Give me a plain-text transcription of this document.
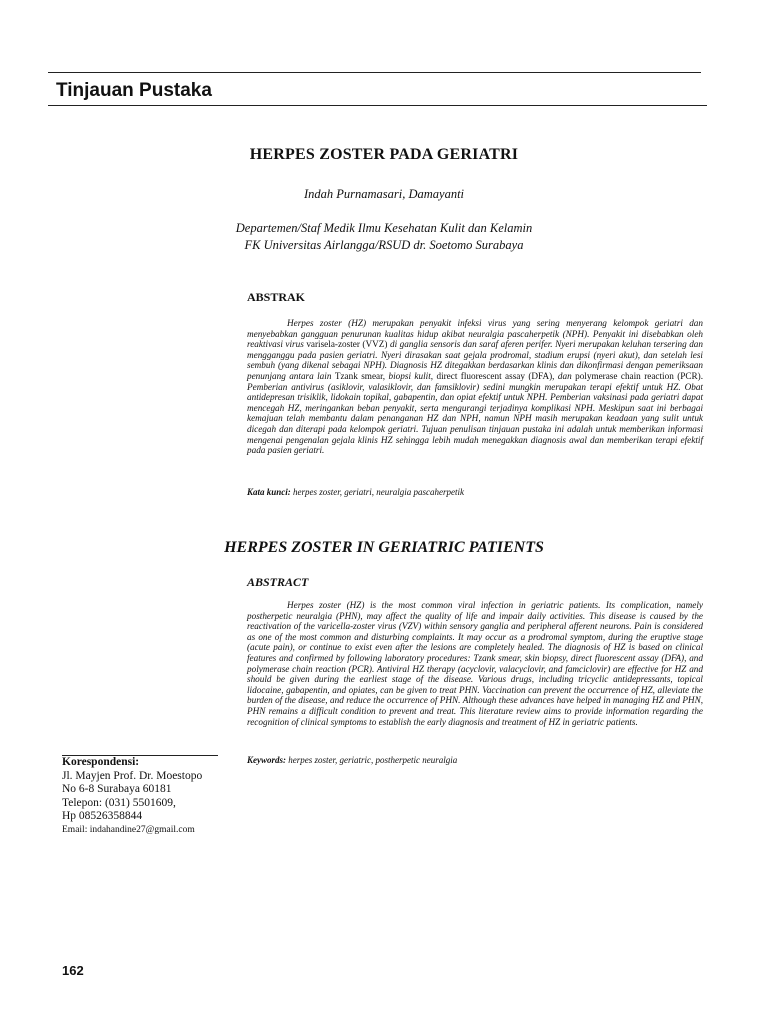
Tinjauan Pustaka
HERPES ZOSTER PADA GERIATRI
Indah Purnamasari, Damayanti
Departemen/Staf Medik Ilmu Kesehatan Kulit dan Kelamin
FK Universitas Airlangga/RSUD dr. Soetomo Surabaya
ABSTRAK

Herpes zoster (HZ) merupakan penyakit infeksi virus yang sering menyerang kelompok geriatri dan menyebabkan gangguan penurunan kualitas hidup akibat neuralgia pascaherpetik (NPH). Penyakit ini disebabkan oleh reaktivasi virus varisela-zoster (VVZ) di ganglia sensoris dan saraf aferen perifer. Nyeri merupakan keluhan tersering dan mengganggu pada pasien geriatri. Nyeri dirasakan saat gejala prodromal, stadium erupsi (nyeri akut), dan setelah lesi sembuh (yang dikenal sebagai NPH). Diagnosis HZ ditegakkan berdasarkan klinis dan dikonfirmasi dengan pemeriksaan penunjang antara lain Tzank smear, biopsi kulit, direct fluorescent assay (DFA), dan polymerase chain reaction (PCR). Pemberian antivirus (asiklovir, valasiklovir, dan famsiklovir) sedini mungkin merupakan terapi efektif untuk HZ. Obat antidepresan trisiklik, lidokain topikal, gabapentin, dan opiat efektif untuk NPH. Pemberian vaksinasi pada geriatri dapat mencegah HZ, meringankan beban penyakit, serta mengurangi terjadinya komplikasi NPH. Meskipun saat ini berbagai kemajuan telah membantu dalam penanganan HZ dan NPH, namun NPH masih merupakan keadaan yang sulit untuk dicegah dan diterapi pada kelompok geriatri. Tujuan penulisan tinjauan pustaka ini adalah untuk memberikan informasi mengenai pengenalan gejala klinis HZ sehingga lebih mudah menegakkan diagnosis awal dan memberikan terapi efektif pada pasien geriatri.

Kata kunci: herpes zoster, geriatri, neuralgia pascaherpetik
HERPES ZOSTER IN GERIATRIC PATIENTS
ABSTRACT

Herpes zoster (HZ) is the most common viral infection in geriatric patients. Its complication, namely postherpetic neuralgia (PHN), may affect the quality of life and impair daily activities. This disease is caused by the reactivation of the varicella-zoster virus (VZV) within sensory ganglia and peripheral afferent neurons. Pain is considered as one of the most common and disturbing complaints. It may occur as a prodromal symptom, during the eruptive stage (acute pain), or continue to exist even after the lesions are completely healed. The diagnosis of HZ is based on clinical features and confirmed by following laboratory procedures: Tzank smear, skin biopsy, direct fluorescent assay (DFA), and polymerase chain reaction (PCR). Antiviral HZ therapy (acyclovir, valacyclovir, and famciclovir) are effective for HZ and should be given during the earliest stage of the disease. Various drugs, including tricyclic antidepressants, topical lidocaine, gabapentin, and opiates, can be given to treat PHN. Vaccination can prevent the occurrence of HZ, alleviate the burden of the disease, and reduce the occurrence of PHN. Although these advances have helped in managing HZ and PHN, PHN remains a difficult condition to prevent and treat. This literature review aims to provide information regarding the recognition of clinical symptoms to establish the early diagnosis and treatment of HZ in geriatric patients.

Keywords: herpes zoster, geriatric, postherpetic neuralgia
Korespondensi:
Jl. Mayjen Prof. Dr. Moestopo
No 6-8 Surabaya 60181
Telepon: (031) 5501609,
Hp 08526358844
Email: indahandine27@gmail.com
162
